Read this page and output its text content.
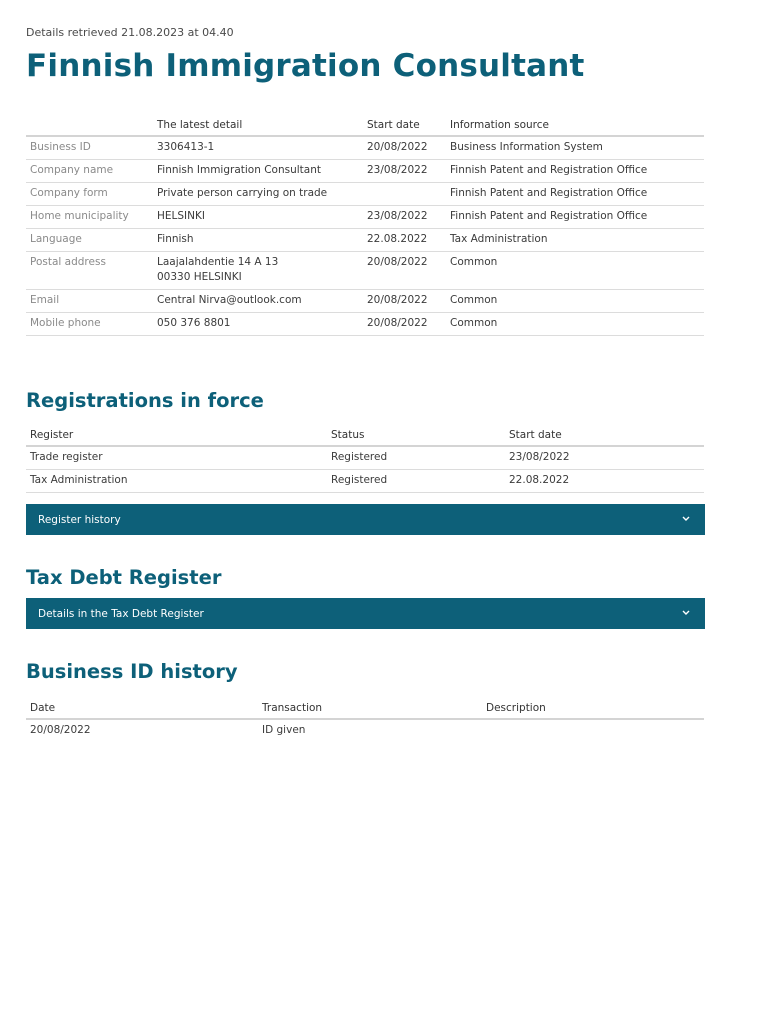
Details retrieved 21.08.2023 at 04.40
Finnish Immigration Consultant
	The latest detail	Start date	Information source
Business ID	3306413-1	20/08/2022	Business Information System
Company name	Finnish Immigration Consultant	23/08/2022	Finnish Patent and Registration Office
Company form	Private person carrying on trade		Finnish Patent and Registration Office
Home municipality	HELSINKI	23/08/2022	Finnish Patent and Registration Office
Language	Finnish	22.08.2022	Tax Administration
Postal address	Laajalahdentie 14 A 13
00330 HELSINKI	20/08/2022	Common
Email	Central Nirva@outlook.com	20/08/2022	Common
Mobile phone	050 376 8801	20/08/2022	Common
Registrations in force
Register	Status	Start date
Trade register	Registered	23/08/2022
Tax Administration	Registered	22.08.2022
Register history
Tax Debt Register
Details in the Tax Debt Register
Business ID history
Date	Transaction	Description
20/08/2022	ID given	
